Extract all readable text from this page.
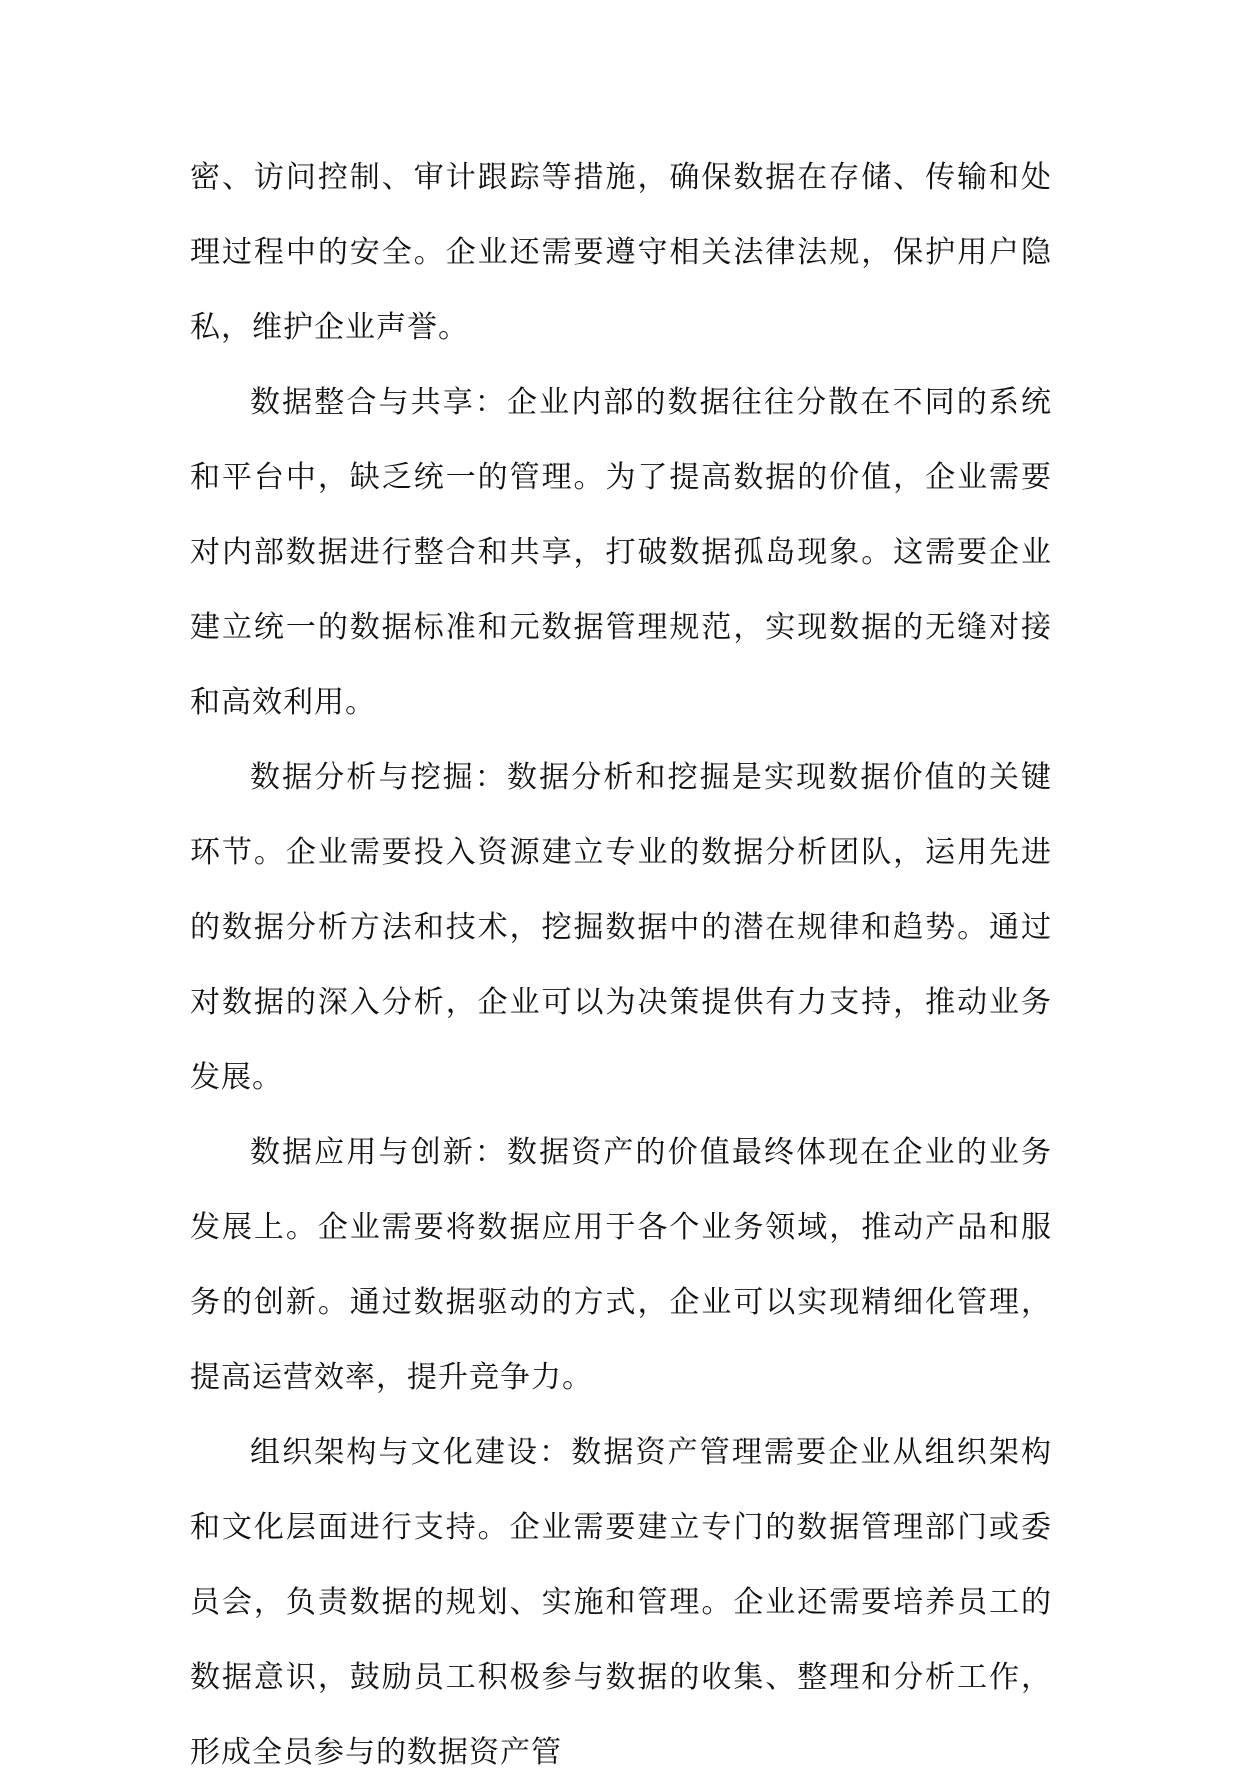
密、访问控制、审计跟踪等措施，确保数据在存储、传输和处理过程中的安全。企业还需要遵守相关法律法规，保护用户隐私，维护企业声誉。

数据整合与共享：企业内部的数据往往分散在不同的系统和平台中，缺乏统一的管理。为了提高数据的价值，企业需要对内部数据进行整合和共享，打破数据孤岛现象。这需要企业建立统一的数据标准和元数据管理规范，实现数据的无缝对接和高效利用。

数据分析与挖掘：数据分析和挖掘是实现数据价值的关键环节。企业需要投入资源建立专业的数据分析团队，运用先进的数据分析方法和技术，挖掘数据中的潜在规律和趋势。通过对数据的深入分析，企业可以为决策提供有力支持，推动业务发展。

数据应用与创新：数据资产的价值最终体现在企业的业务发展上。企业需要将数据应用于各个业务领域，推动产品和服务的创新。通过数据驱动的方式，企业可以实现精细化管理，提高运营效率，提升竞争力。

组织架构与文化建设：数据资产管理需要企业从组织架构和文化层面进行支持。企业需要建立专门的数据管理部门或委员会，负责数据的规划、实施和管理。企业还需要培养员工的数据意识，鼓励员工积极参与数据的收集、整理和分析工作，形成全员参与的数据资产管
